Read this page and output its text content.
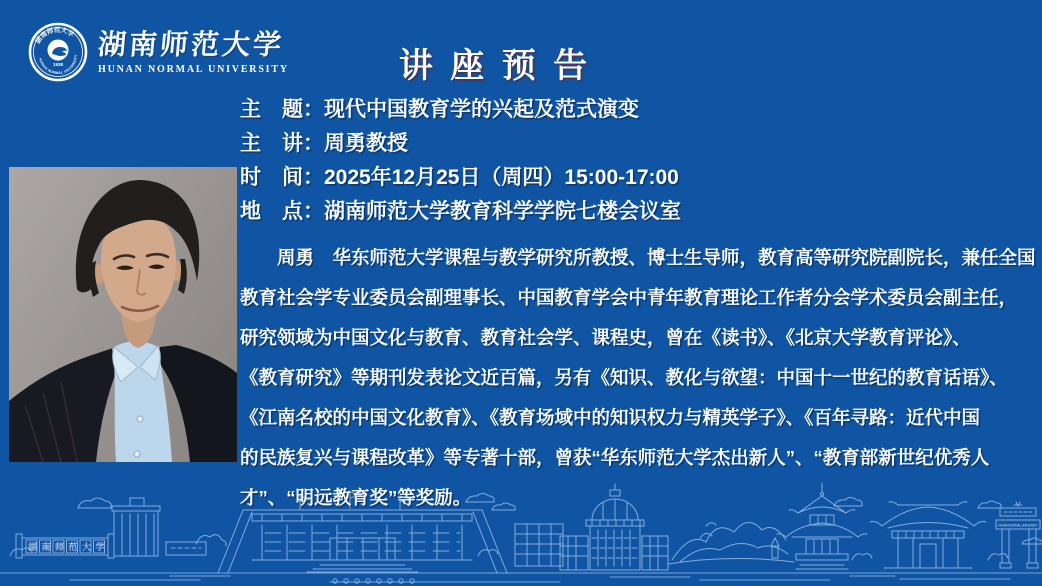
湖南师范大学
HUNAN NORMAL UNIVERSITY
1938
湖南师范大学
HUNAN NORMAL UNIVERSITY	讲 座 预 告
主　题：现代中国教育学的兴起及范式演变
主　讲：周勇教授
时　间：2025年12月25日（周四）15:00-17:00
地　点：湖南师范大学教育科学学院七楼会议室
周勇　华东师范大学课程与教学研究所教授、博士生导师，教育高等研究院副院长，兼任全国
教育社会学专业委员会副理事长、中国教育学会中青年教育理论工作者分会学术委员会副主任，
研究领域为中国文化与教育、教育社会学、课程史，曾在《读书》、《北京大学教育评论》、
《教育研究》等期刊发表论文近百篇，另有《知识、教化与欲望：中国十一世纪的教育话语》、
《江南名校的中国文化教育》、《教育场域中的知识权力与精英学子》、《百年寻路：近代中国
的民族复兴与课程改革》等专著十部，曾获“华东师范大学杰出新人”、“教育部新世纪优秀人
才”、“明远教育奖”等奖励。
湖南师范大学
HUNAN NORMAL UNIVERSITY
